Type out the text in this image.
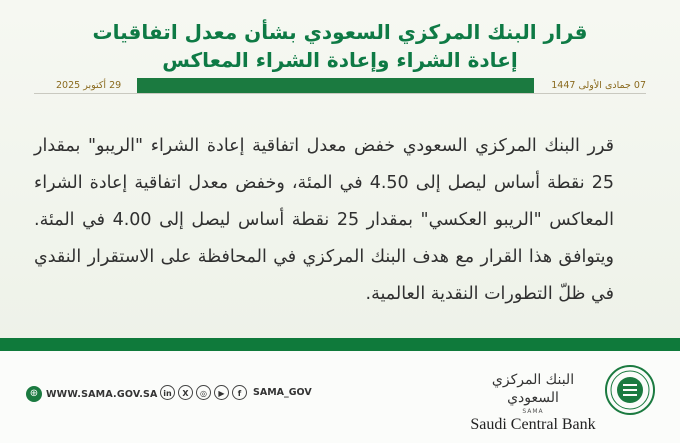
قرار البنك المركزي السعودي بشأن معدل اتفاقيات
إعادة الشراء وإعادة الشراء المعاكس
07 جمادى الأولى 1447
29 أكتوبر 2025
قرر البنك المركزي السعودي خفض معدل اتفاقية إعادة الشراء "الريبو" بمقدار 25 نقطة أساس ليصل إلى 4.50 في المئة، وخفض معدل اتفاقية إعادة الشراء المعاكس "الريبو العكسي" بمقدار 25 نقطة أساس ليصل إلى 4.00 في المئة. ويتوافق هذا القرار مع هدف البنك المركزي في المحافظة على الاستقرار النقدي في ظلّ التطورات النقدية العالمية.
⊕ WWW.SAMA.GOV.SA in	X	◎	▶	f	SAMA_GOV
البنك المركزي السعودي
SAMA
Saudi Central Bank
